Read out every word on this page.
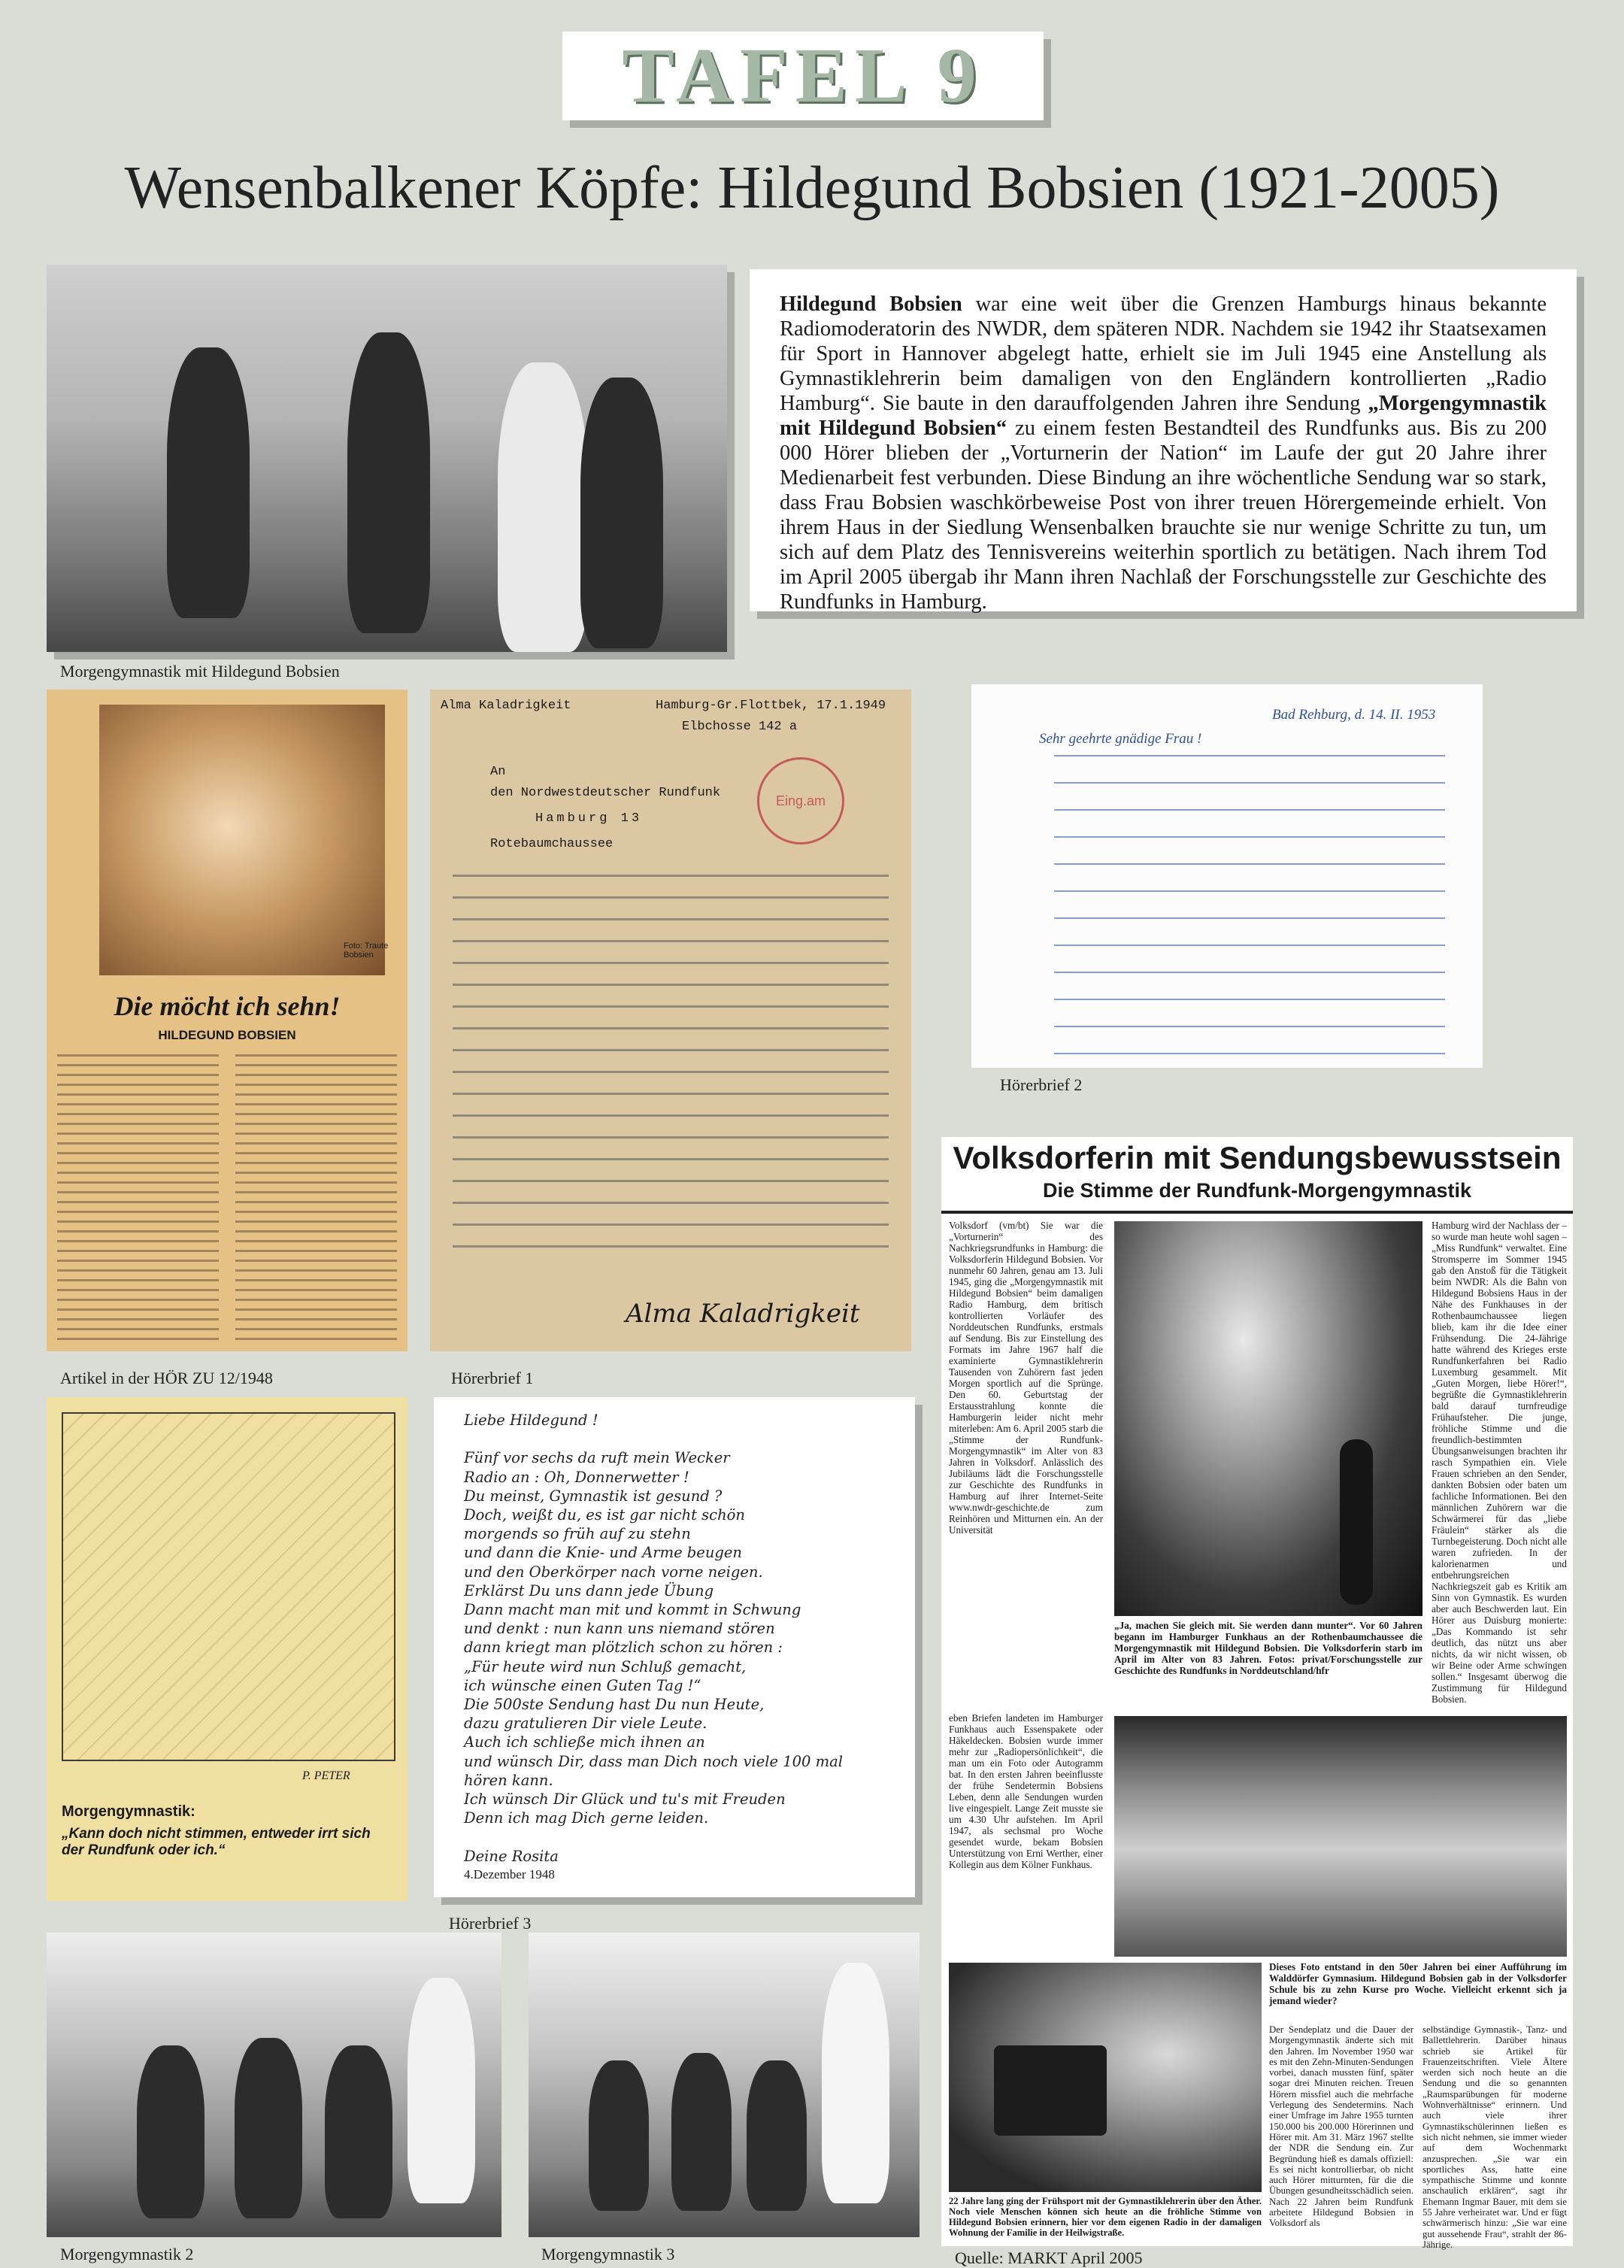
TAFEL 9
Wensenbalkener Köpfe: Hildegund Bobsien (1921-2005)
Morgengymnastik mit Hildegund Bobsien
Hildegund Bobsien war eine weit über die Grenzen Hamburgs hinaus bekannte Radiomoderatorin des NWDR, dem späteren NDR. Nachdem sie 1942 ihr Staatsexamen für Sport in Hannover abgelegt hatte, erhielt sie im Juli 1945 eine Anstellung als Gymnastiklehrerin beim damaligen von den Engländern kontrollierten „Radio Hamburg“. Sie baute in den darauffolgenden Jahren ihre Sendung „Morgengymnastik mit Hildegund Bobsien“ zu einem festen Bestandteil des Rundfunks aus. Bis zu 200 000 Hörer blieben der „Vorturnerin der Nation“ im Laufe der gut 20 Jahre ihrer Medienarbeit fest verbunden. Diese Bindung an ihre wöchentliche Sendung war so stark, dass Frau Bobsien waschkörbeweise Post von ihrer treuen Hörergemeinde erhielt. Von ihrem Haus in der Siedlung Wensenbalken brauchte sie nur wenige Schritte zu tun, um sich auf dem Platz des Tennisvereins weiterhin sportlich zu betätigen. Nach ihrem Tod im April 2005 übergab ihr Mann ihren Nachlaß der Forschungsstelle zur Geschichte des Rundfunks in Hamburg.
Foto: Traute Bobsien
Die möcht ich sehn!
HILDEGUND BOBSIEN
Artikel in der HÖR ZU 12/1948
Alma Kaladrigkeit	Hamburg-Gr.Flottbek, 17.1.1949
Elbchosse 142 a
An
den Nordwestdeutscher Rundfunk
Hamburg 13
Rotebaumchaussee
Eing.am
Alma Kaladrigkeit
Hörerbrief 1
Bad Rehburg, d. 14. II. 1953
Sehr geehrte gnädige Frau !
Hörerbrief 2
P. PETER
Morgengymnastik:
„Kann doch nicht stimmen, entweder irrt sich der Rundfunk oder ich.“
Liebe Hildegund !

Fünf vor sechs da ruft mein Wecker
Radio an : Oh, Donnerwetter !
Du meinst, Gymnastik ist gesund ?
Doch, weißt du, es ist gar nicht schön
morgends so früh auf zu stehn
und dann die Knie- und Arme beugen
und den Oberkörper nach vorne neigen.
Erklärst Du uns dann jede Übung
Dann macht man mit und kommt in Schwung
und denkt : nun kann uns niemand stören
dann kriegt man plötzlich schon zu hören :
„Für heute wird nun Schluß gemacht,
ich wünsche einen Guten Tag !“
Die 500ste Sendung hast Du nun Heute,
dazu gratulieren Dir viele Leute.
Auch ich schließe mich ihnen an
und wünsch Dir, dass man Dich noch viele 100 mal
hören kann.
Ich wünsch Dir Glück und tu's mit Freuden
Denn ich mag Dich gerne leiden.

Deine Rosita
4.Dezember 1948
Hörerbrief 3
Volksdorferin mit Sendungsbewusstsein
Die Stimme der Rundfunk-Morgengymnastik
Volksdorf (vm/bt) Sie war die „Vorturnerin“ des Nachkriegsrundfunks in Hamburg: die Volksdorferin Hildegund Bobsien. Vor nunmehr 60 Jahren, genau am 13. Juli 1945, ging die „Morgengymnastik mit Hildegund Bobsien“ beim damaligen Radio Hamburg, dem britisch kontrollierten Vorläufer des Norddeutschen Rundfunks, erstmals auf Sendung. Bis zur Einstellung des Formats im Jahre 1967 half die examinierte Gymnastiklehrerin Tausenden von Zuhörern fast jeden Morgen sportlich auf die Sprünge. Den 60. Geburtstag der Erstausstrahlung konnte die Hamburgerin leider nicht mehr miterleben: Am 6. April 2005 starb die „Stimme der Rundfunk-Morgengymnastik“ im Alter von 83 Jahren in Volksdorf. Anlässlich des Jubiläums lädt die Forschungsstelle zur Geschichte des Rundfunks in Hamburg auf ihrer Internet-Seite www.nwdr-geschichte.de zum Reinhören und Mitturnen ein. An der Universität
„Ja, machen Sie gleich mit. Sie werden dann munter“. Vor 60 Jahren begann im Hamburger Funkhaus an der Rothenbaumchaussee die Morgengymnastik mit Hildegund Bobsien. Die Volksdorferin starb im April im Alter von 83 Jahren. Fotos: privat/Forschungsstelle zur Geschichte des Rundfunks in Norddeutschland/hfr
Hamburg wird der Nachlass der – so wurde man heute wohl sagen – „Miss Rundfunk“ verwaltet. Eine Stromsperre im Sommer 1945 gab den Anstoß für die Tätigkeit beim NWDR: Als die Bahn von Hildegund Bobsiens Haus in der Nähe des Funkhauses in der Rothenbaumchaussee liegen blieb, kam ihr die Idee einer Frühsendung. Die 24-Jährige hatte während des Krieges erste Rundfunkerfahren bei Radio Luxemburg gesammelt. Mit „Guten Morgen, liebe Hörer!“, begrüßte die Gymnastiklehrerin bald darauf turnfreudige Frühaufsteher. Die junge, fröhliche Stimme und die freundlich-bestimmten Übungsanweisungen brachten ihr rasch Sympathien ein. Viele Frauen schrieben an den Sender, dankten Bobsien oder baten um fachliche Informationen. Bei den männlichen Zuhörern war die Schwärmerei für das „liebe Fräulein“ stärker als die Turnbegeisterung. Doch nicht alle waren zufrieden. In der kalorienarmen und entbehrungsreichen Nachkriegszeit gab es Kritik am Sinn von Gymnastik. Es wurden aber auch Beschwerden laut. Ein Hörer aus Duisburg monierte: „Das Kommando ist sehr deutlich, das nützt uns aber nichts, da wir nicht wissen, ob wir Beine oder Arme schwingen sollen.“ Insgesamt überwog die Zustimmung für Hildegund Bobsien.
eben Briefen landeten im Hamburger Funkhaus auch Essenspakete oder Häkeldecken. Bobsien wurde immer mehr zur „Radiopersönlichkeit“, die man um ein Foto oder Autogramm bat. In den ersten Jahren beeinflusste der frühe Sendetermin Bobsiens Leben, denn alle Sendungen wurden live eingespielt. Lange Zeit musste sie um 4.30 Uhr aufstehen. Im April 1947, als sechsmal pro Woche gesendet wurde, bekam Bobsien Unterstützung von Erni Werther, einer Kollegin aus dem Kölner Funkhaus.
Dieses Foto entstand in den 50er Jahren bei einer Aufführung im Walddörfer Gymnasium. Hildegund Bobsien gab in der Volksdorfer Schule bis zu zehn Kurse pro Woche. Vielleicht erkennt sich ja jemand wieder?
22 Jahre lang ging der Frühsport mit der Gymnastiklehrerin über den Äther. Noch viele Menschen können sich heute an die fröhliche Stimme von Hildegund Bobsien erinnern, hier vor dem eigenen Radio in der damaligen Wohnung der Familie in der Heilwigstraße.
Der Sendeplatz und die Dauer der Morgengymnastik änderte sich mit den Jahren. Im November 1950 war es mit den Zehn-Minuten-Sendungen vorbei, danach mussten fünf, später sogar drei Minuten reichen. Treuen Hörern missfiel auch die mehrfache Verlegung des Sendetermins. Nach einer Umfrage im Jahre 1955 turnten 150.000 bis 200.000 Hörerinnen und Hörer mit. Am 31. März 1967 stellte der NDR die Sendung ein. Zur Begründung hieß es damals offiziell: Es sei nicht kontrollierbar, ob nicht auch Hörer mitturnten, für die die Übungen gesundheitsschädlich seien. Nach 22 Jahren beim Rundfunk arbeitete Hildegund Bobsien in Volksdorf als
selbständige Gymnastik-, Tanz- und Ballettlehrerin. Darüber hinaus schrieb sie Artikel für Frauenzeitschriften. Viele Ältere werden sich noch heute an die Sendung und die so genannten „Raumsparübungen für moderne Wohnverhältnisse“ erinnern. Und auch viele ihrer Gymnastikschülerinnen ließen es sich nicht nehmen, sie immer wieder auf dem Wochenmarkt anzusprechen. „Sie war ein sportliches Ass, hatte eine sympathische Stimme und konnte anschaulich erklären“, sagt ihr Ehemann Ingmar Bauer, mit dem sie 55 Jahre verheiratet war. Und er fügt schwärmerisch hinzu: „Sie war eine gut aussehende Frau“, strahlt der 86-Jährige.
Morgengymnastik 2	Morgengymnastik 3	Quelle: MARKT April 2005
